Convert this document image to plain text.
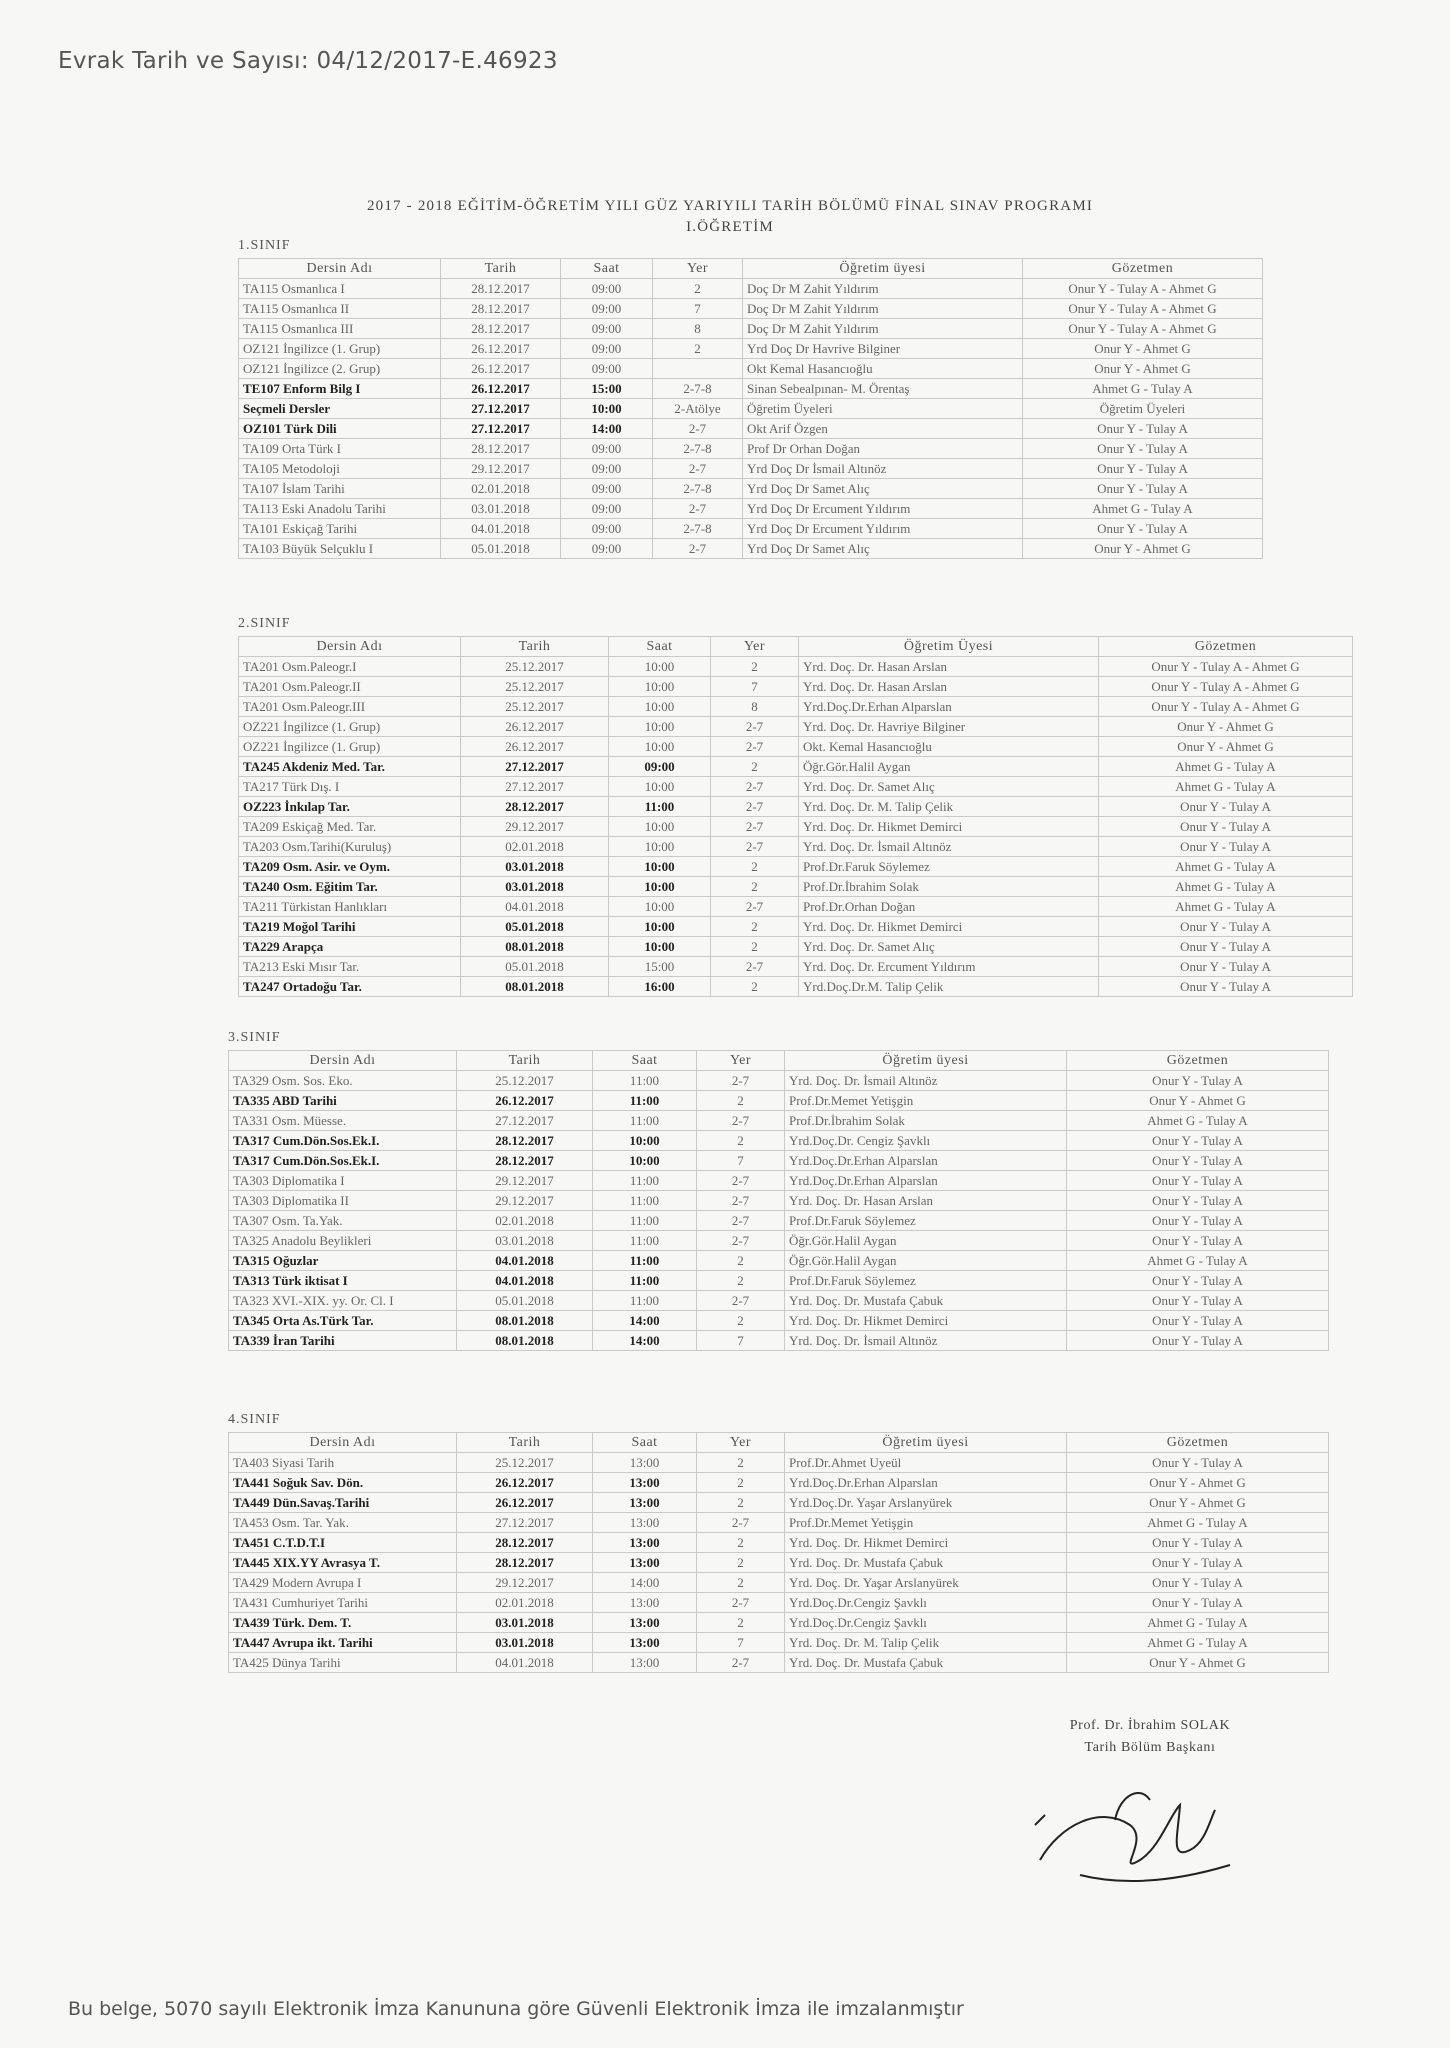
Evrak Tarih ve Sayısı: 04/12/2017-E.46923
2017 - 2018 EĞİTİM-ÖĞRETİM YILI GÜZ YARIYILI TARİH BÖLÜMÜ FİNAL SINAV PROGRAMI
I.ÖĞRETİM
1.SINIF
Dersin Adı	Tarih	Saat	Yer	Öğretim üyesi	Gözetmen
TA115 Osmanlıca I	28.12.2017	09:00	2	Doç Dr M Zahit Yıldırım	Onur Y - Tulay A - Ahmet G
TA115 Osmanlıca II	28.12.2017	09:00	7	Doç Dr M Zahit Yıldırım	Onur Y - Tulay A - Ahmet G
TA115 Osmanlıca III	28.12.2017	09:00	8	Doç Dr M Zahit Yıldırım	Onur Y - Tulay A - Ahmet G
OZ121 İngilizce (1. Grup)	26.12.2017	09:00	2	Yrd Doç Dr Havrive Bilginer	Onur Y - Ahmet G
OZ121 İngilizce (2. Grup)	26.12.2017	09:00		Okt Kemal Hasancıoğlu	Onur Y - Ahmet G
TE107 Enform Bilg I	26.12.2017	15:00	2-7-8	Sinan Sebealpınan- M. Örentaş	Ahmet G - Tulay A
Seçmeli Dersler	27.12.2017	10:00	2-Atölye	Öğretim Üyeleri	Öğretim Üyeleri
OZ101 Türk Dili	27.12.2017	14:00	2-7	Okt Arif Özgen	Onur Y - Tulay A
TA109 Orta Türk I	28.12.2017	09:00	2-7-8	Prof Dr Orhan Doğan	Onur Y - Tulay A
TA105 Metodoloji	29.12.2017	09:00	2-7	Yrd Doç Dr İsmail Altınöz	Onur Y - Tulay A
TA107 İslam Tarihi	02.01.2018	09:00	2-7-8	Yrd Doç Dr Samet Alıç	Onur Y - Tulay A
TA113 Eski Anadolu Tarihi	03.01.2018	09:00	2-7	Yrd Doç Dr Ercument Yıldırım	Ahmet G - Tulay A
TA101 Eskiçağ Tarihi	04.01.2018	09:00	2-7-8	Yrd Doç Dr Ercument Yıldırım	Onur Y - Tulay A
TA103 Büyük Selçuklu I	05.01.2018	09:00	2-7	Yrd Doç Dr Samet Alıç	Onur Y - Ahmet G
2.SINIF
Dersin Adı	Tarih	Saat	Yer	Öğretim Üyesi	Gözetmen
TA201 Osm.Paleogr.I	25.12.2017	10:00	2	Yrd. Doç. Dr. Hasan Arslan	Onur Y - Tulay A - Ahmet G
TA201 Osm.Paleogr.II	25.12.2017	10:00	7	Yrd. Doç. Dr. Hasan Arslan	Onur Y - Tulay A - Ahmet G
TA201 Osm.Paleogr.III	25.12.2017	10:00	8	Yrd.Doç.Dr.Erhan Alparslan	Onur Y - Tulay A - Ahmet G
OZ221 İngilizce (1. Grup)	26.12.2017	10:00	2-7	Yrd. Doç. Dr. Havriye Bilginer	Onur Y - Ahmet G
OZ221 İngilizce (1. Grup)	26.12.2017	10:00	2-7	Okt. Kemal Hasancıoğlu	Onur Y - Ahmet G
TA245 Akdeniz Med. Tar.	27.12.2017	09:00	2	Öğr.Gör.Halil Aygan	Ahmet G - Tulay A
TA217 Türk Dış. I	27.12.2017	10:00	2-7	Yrd. Doç. Dr. Samet Alıç	Ahmet G - Tulay A
OZ223 İnkılap Tar.	28.12.2017	11:00	2-7	Yrd. Doç. Dr. M. Talip Çelik	Onur Y - Tulay A
TA209 Eskiçağ Med. Tar.	29.12.2017	10:00	2-7	Yrd. Doç. Dr. Hikmet Demirci	Onur Y - Tulay A
TA203 Osm.Tarihi(Kuruluş)	02.01.2018	10:00	2-7	Yrd. Doç. Dr. İsmail Altınöz	Onur Y - Tulay A
TA209 Osm. Asir. ve Oym.	03.01.2018	10:00	2	Prof.Dr.Faruk Söylemez	Ahmet G - Tulay A
TA240 Osm. Eğitim Tar.	03.01.2018	10:00	2	Prof.Dr.İbrahim Solak	Ahmet G - Tulay A
TA211 Türkistan Hanlıkları	04.01.2018	10:00	2-7	Prof.Dr.Orhan Doğan	Ahmet G - Tulay A
TA219 Moğol Tarihi	05.01.2018	10:00	2	Yrd. Doç. Dr. Hikmet Demirci	Onur Y - Tulay A
TA229 Arapça	08.01.2018	10:00	2	Yrd. Doç. Dr. Samet Alıç	Onur Y - Tulay A
TA213 Eski Mısır Tar.	05.01.2018	15:00	2-7	Yrd. Doç. Dr. Ercument Yıldırım	Onur Y - Tulay A
TA247 Ortadoğu Tar.	08.01.2018	16:00	2	Yrd.Doç.Dr.M. Talip Çelik	Onur Y - Tulay A
3.SINIF
Dersin Adı	Tarih	Saat	Yer	Öğretim üyesi	Gözetmen
TA329 Osm. Sos. Eko.	25.12.2017	11:00	2-7	Yrd. Doç. Dr. İsmail Altınöz	Onur Y - Tulay A
TA335 ABD Tarihi	26.12.2017	11:00	2	Prof.Dr.Memet Yetişgin	Onur Y - Ahmet G
TA331 Osm. Müesse.	27.12.2017	11:00	2-7	Prof.Dr.İbrahim Solak	Ahmet G - Tulay A
TA317 Cum.Dön.Sos.Ek.I.	28.12.2017	10:00	2	Yrd.Doç.Dr. Cengiz Şavklı	Onur Y - Tulay A
TA317 Cum.Dön.Sos.Ek.I.	28.12.2017	10:00	7	Yrd.Doç.Dr.Erhan Alparslan	Onur Y - Tulay A
TA303 Diplomatika I	29.12.2017	11:00	2-7	Yrd.Doç.Dr.Erhan Alparslan	Onur Y - Tulay A
TA303 Diplomatika II	29.12.2017	11:00	2-7	Yrd. Doç. Dr. Hasan Arslan	Onur Y - Tulay A
TA307 Osm. Ta.Yak.	02.01.2018	11:00	2-7	Prof.Dr.Faruk Söylemez	Onur Y - Tulay A
TA325 Anadolu Beylikleri	03.01.2018	11:00	2-7	Öğr.Gör.Halil Aygan	Onur Y - Tulay A
TA315 Oğuzlar	04.01.2018	11:00	2	Öğr.Gör.Halil Aygan	Ahmet G - Tulay A
TA313 Türk iktisat I	04.01.2018	11:00	2	Prof.Dr.Faruk Söylemez	Onur Y - Tulay A
TA323 XVI.-XIX. yy. Or. Cl. I	05.01.2018	11:00	2-7	Yrd. Doç. Dr. Mustafa Çabuk	Onur Y - Tulay A
TA345 Orta As.Türk Tar.	08.01.2018	14:00	2	Yrd. Doç. Dr. Hikmet Demirci	Onur Y - Tulay A
TA339 İran Tarihi	08.01.2018	14:00	7	Yrd. Doç. Dr. İsmail Altınöz	Onur Y - Tulay A
4.SINIF
Dersin Adı	Tarih	Saat	Yer	Öğretim üyesi	Gözetmen
TA403 Siyasi Tarih	25.12.2017	13:00	2	Prof.Dr.Ahmet Uyeül	Onur Y - Tulay A
TA441 Soğuk Sav. Dön.	26.12.2017	13:00	2	Yrd.Doç.Dr.Erhan Alparslan	Onur Y - Ahmet G
TA449 Dün.Savaş.Tarihi	26.12.2017	13:00	2	Yrd.Doç.Dr. Yaşar Arslanyürek	Onur Y - Ahmet G
TA453 Osm. Tar. Yak.	27.12.2017	13:00	2-7	Prof.Dr.Memet Yetişgin	Ahmet G - Tulay A
TA451 C.T.D.T.I	28.12.2017	13:00	2	Yrd. Doç. Dr. Hikmet Demirci	Onur Y - Tulay A
TA445 XIX.YY Avrasya T.	28.12.2017	13:00	2	Yrd. Doç. Dr. Mustafa Çabuk	Onur Y - Tulay A
TA429 Modern Avrupa I	29.12.2017	14:00	2	Yrd. Doç. Dr. Yaşar Arslanyürek	Onur Y - Tulay A
TA431 Cumhuriyet Tarihi	02.01.2018	13:00	2-7	Yrd.Doç.Dr.Cengiz Şavklı	Onur Y - Tulay A
TA439 Türk. Dem. T.	03.01.2018	13:00	2	Yrd.Doç.Dr.Cengiz Şavklı	Ahmet G - Tulay A
TA447 Avrupa ikt. Tarihi	03.01.2018	13:00	7	Yrd. Doç. Dr. M. Talip Çelik	Ahmet G - Tulay A
TA425 Dünya Tarihi	04.01.2018	13:00	2-7	Yrd. Doç. Dr. Mustafa Çabuk	Onur Y - Ahmet G
Prof. Dr. İbrahim SOLAK
Tarih Bölüm Başkanı
Bu belge, 5070 sayılı Elektronik İmza Kanununa göre Güvenli Elektronik İmza ile imzalanmıştır
